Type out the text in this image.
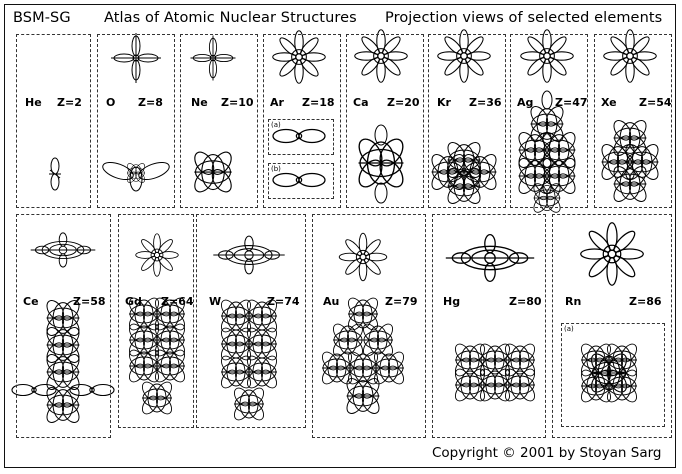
BSM-SG Atlas of Atomic Nuclear Structures Projection views of selected elements
He Z=2 O Z=8	Ne Z=10 Ar Z=18
(a)
(b)
Ca Z=20 Kr Z=36 Ag Z=47 Xe Z=54
Ce	Z=58 Gd Z=64 W	Z=74 Au	Z=79 Hg	Z=80 Rn	Z=86
(a)
Copyright © 2001 by Stoyan Sarg
